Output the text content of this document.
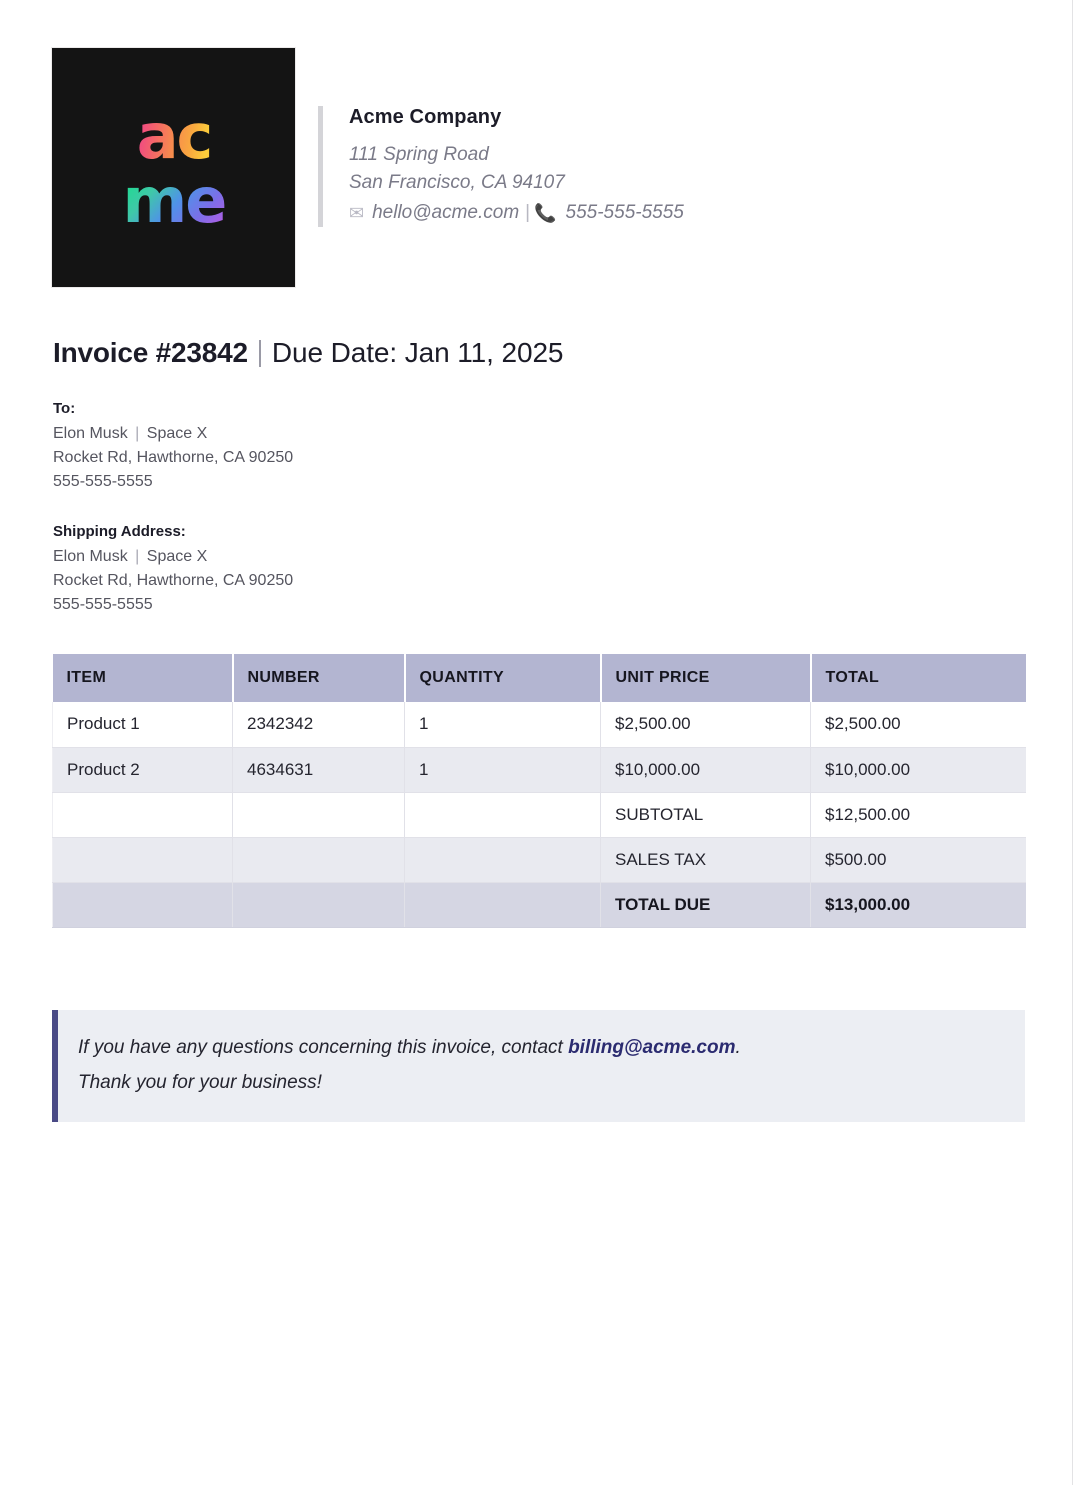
ac
me
Acme Company
111 Spring Road
San Francisco, CA 94107
✉ hello@acme.com | 📞 555-555-5555
Invoice #23842 Due Date: Jan 11, 2025
To:
Elon Musk | Space X
Rocket Rd, Hawthorne, CA 90250
555-555-5555
Shipping Address:
Elon Musk | Space X
Rocket Rd, Hawthorne, CA 90250
555-555-5555
ITEM	NUMBER	QUANTITY	UNIT PRICE	TOTAL
Product 1	2342342	1	$2,500.00	$2,500.00
Product 2	4634631	1	$10,000.00	$10,000.00
			SUBTOTAL	$12,500.00
			SALES TAX	$500.00
			TOTAL DUE	$13,000.00
If you have any questions concerning this invoice, contact billing@acme.com.
Thank you for your business!
